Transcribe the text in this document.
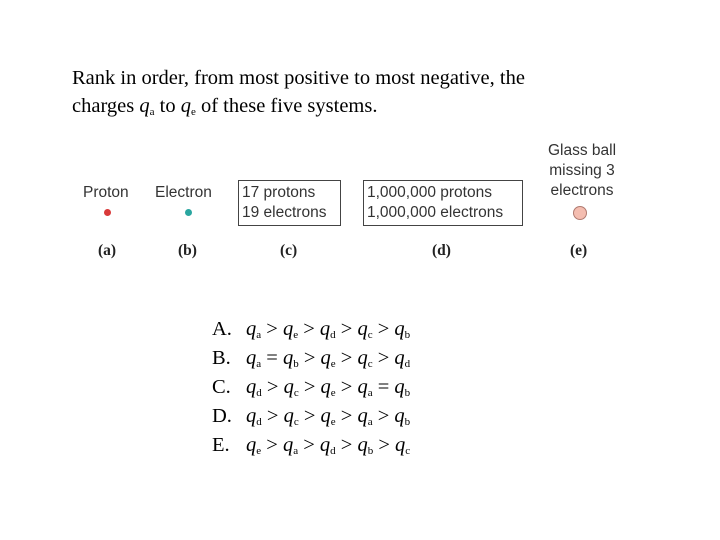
Rank in order, from most positive to most negative, the
charges $q_a$ to $q_e$ of these five systems.
Proton Electron 17 protons
19 electrons
1,000,000 protons
1,000,000 electrons
Glass ball
missing 3
electrons
(a)	(b)	(c)	(d)	(e)
A. $q_a > q_e > q_d > q_c > q_b$
B. $q_a = q_b > q_e > q_c > q_d$
C. $q_d > q_c > q_e > q_a = q_b$
D. $q_d > q_c > q_e > q_a > q_b$
E. $q_e > q_a > q_d > q_b > q_c$
